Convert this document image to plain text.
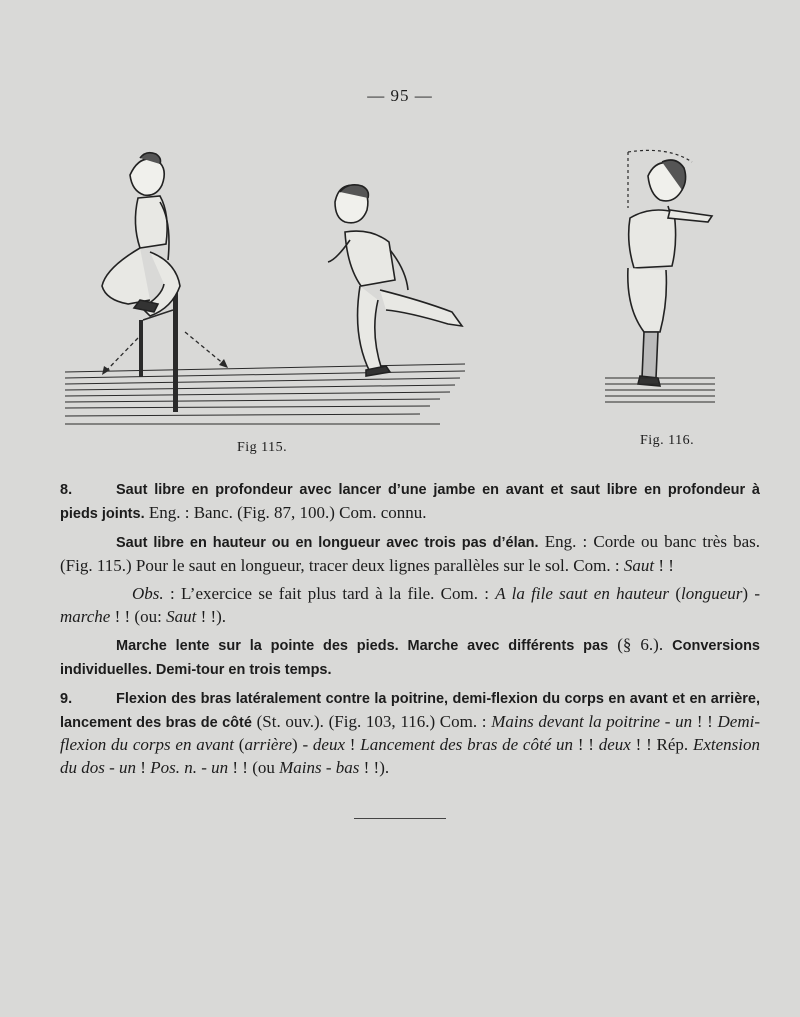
— 95 —
Fig 115.	Fig. 116.

8.	Saut libre en profondeur avec lancer d’une jambe en avant et saut libre en profondeur à pieds joints. Eng. : Banc. (Fig. 87, 100.) Com. connu.

Saut libre en hauteur ou en longueur avec trois pas d’élan. Eng. : Corde ou banc très bas. (Fig. 115.) Pour le saut en longueur, tracer deux lignes parallèles sur le sol. Com. : Saut ! !

Obs. : L’exercice se fait plus tard à la file. Com. : A la file saut en hauteur (longueur) - marche ! ! (ou: Saut ! !).

Marche lente sur la pointe des pieds. Marche avec différents pas (§ 6.). Conversions individuelles. Demi-tour en trois temps.

9.	Flexion des bras latéralement contre la poitrine, demi-flexion du corps en avant et en arrière, lancement des bras de côté (St. ouv.). (Fig. 103, 116.) Com. : Mains devant la poitrine - un ! ! Demi-flexion du corps en avant (arrière) - deux ! Lancement des bras de côté un ! ! deux ! ! Rép. Extension du dos - un ! Pos. n. - un ! ! (ou Mains - bas ! !).
